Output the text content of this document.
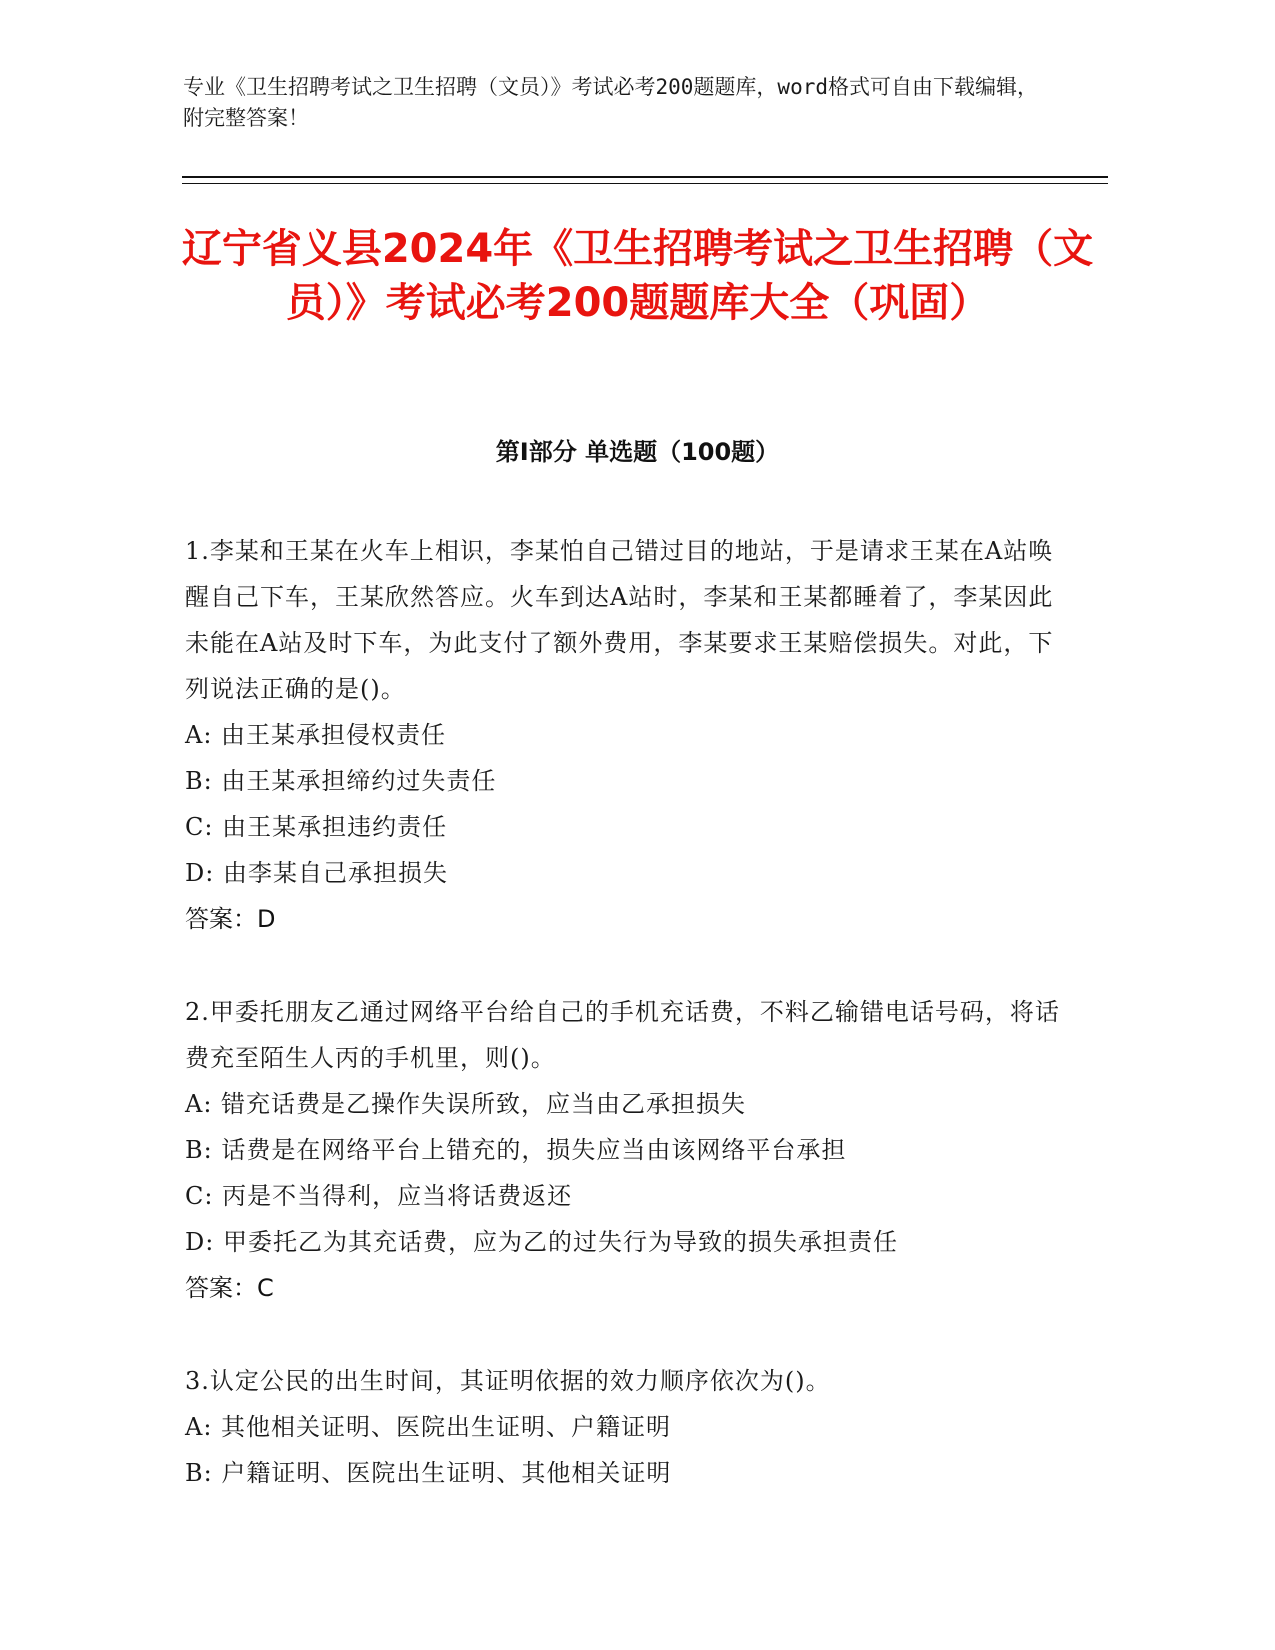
专业《卫生招聘考试之卫生招聘（文员）》考试必考200题题库，word格式可自由下载编辑，附完整答案！
辽宁省义县2024年《卫生招聘考试之卫生招聘（文员）》考试必考200题题库大全（巩固）
第Ⅰ部分 单选题（100题）
1.李某和王某在火车上相识，李某怕自己错过目的地站，于是请求王某在A站唤醒自己下车，王某欣然答应。火车到达A站时，李某和王某都睡着了，李某因此未能在A站及时下车，为此支付了额外费用，李某要求王某赔偿损失。对此，下列说法正确的是()。
A: 由王某承担侵权责任
B: 由王某承担缔约过失责任
C: 由王某承担违约责任
D: 由李某自己承担损失
答案：D
2.甲委托朋友乙通过网络平台给自己的手机充话费，不料乙输错电话号码，将话费充至陌生人丙的手机里，则()。
A: 错充话费是乙操作失误所致，应当由乙承担损失
B: 话费是在网络平台上错充的，损失应当由该网络平台承担
C: 丙是不当得利，应当将话费返还
D: 甲委托乙为其充话费，应为乙的过失行为导致的损失承担责任
答案：C
3.认定公民的出生时间，其证明依据的效力顺序依次为()。
A: 其他相关证明、医院出生证明、户籍证明
B: 户籍证明、医院出生证明、其他相关证明
